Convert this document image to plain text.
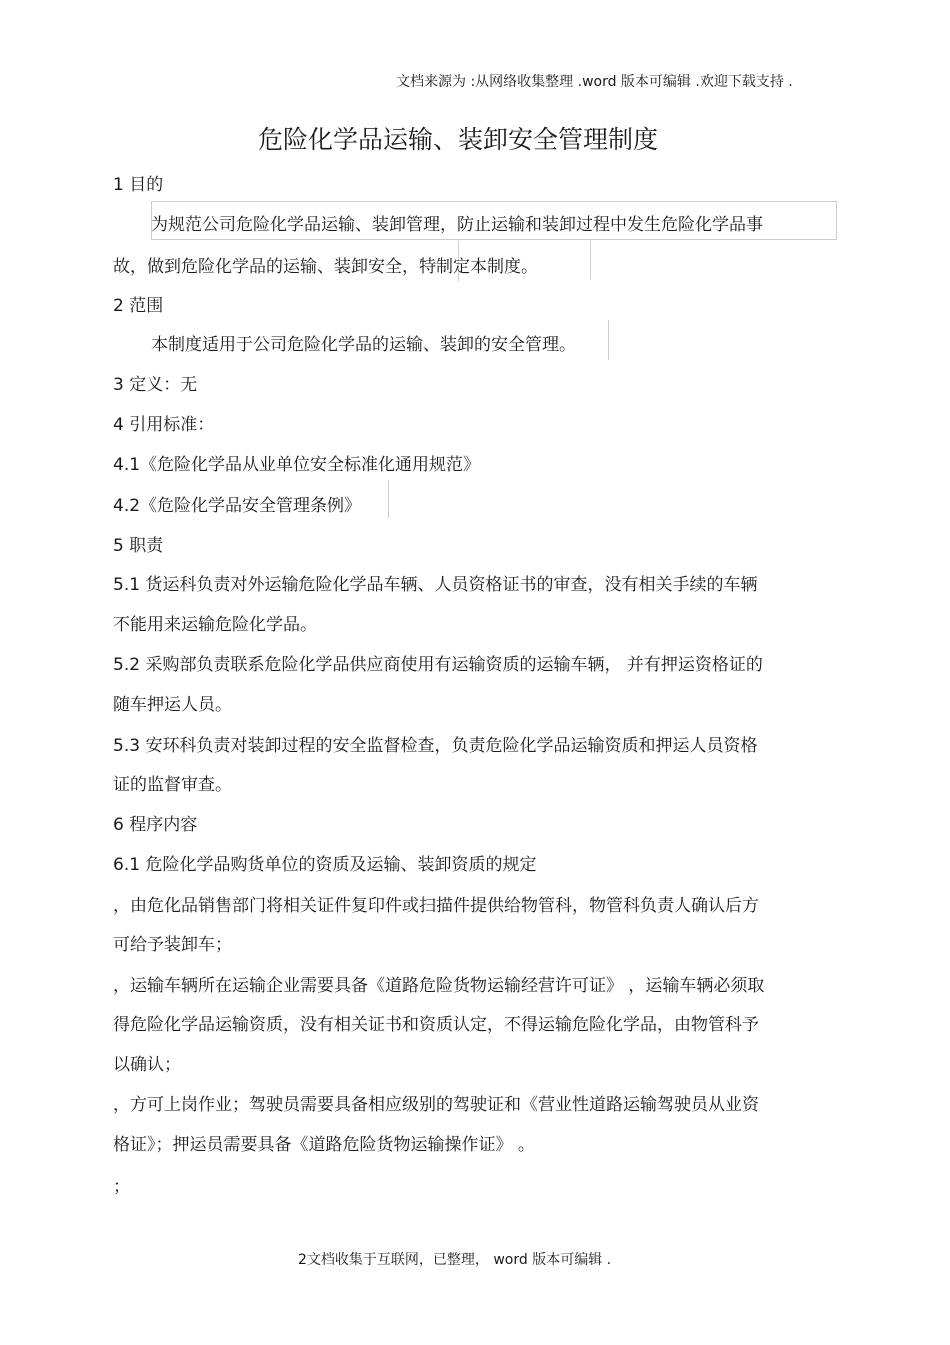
文档来源为 :从网络收集整理 .word 版本可编辑 .欢迎下载支持 .
危险化学品运输、装卸安全管理制度
1 目的
为规范公司危险化学品运输、装卸管理，防止运输和装卸过程中发生危险化学品事
故，做到危险化学品的运输、装卸安全，特制定本制度。
2 范围
本制度适用于公司危险化学品的运输、装卸的安全管理。
3 定义：无
4 引用标准：
4.1《危险化学品从业单位安全标准化通用规范》
4.2《危险化学品安全管理条例》
5 职责
5.1 货运科负责对外运输危险化学品车辆、人员资格证书的审查，没有相关手续的车辆
不能用来运输危险化学品。
5.2 采购部负责联系危险化学品供应商使用有运输资质的运输车辆， 并有押运资格证的
随车押运人员。
5.3 安环科负责对装卸过程的安全监督检查，负责危险化学品运输资质和押运人员资格
证的监督审查。
6 程序内容
6.1 危险化学品购货单位的资质及运输、装卸资质的规定
，由危化品销售部门将相关证件复印件或扫描件提供给物管科，物管科负责人确认后方
可给予装卸车；
，运输车辆所在运输企业需要具备《道路危险货物运输经营许可证》 ，运输车辆必须取
得危险化学品运输资质，没有相关证书和资质认定，不得运输危险化学品，由物管科予
以确认；
，方可上岗作业；驾驶员需要具备相应级别的驾驶证和《营业性道路运输驾驶员从业资
格证》；押运员需要具备《道路危险货物运输操作证》 。
；
2文档收集于互联网，已整理， word 版本可编辑 .
